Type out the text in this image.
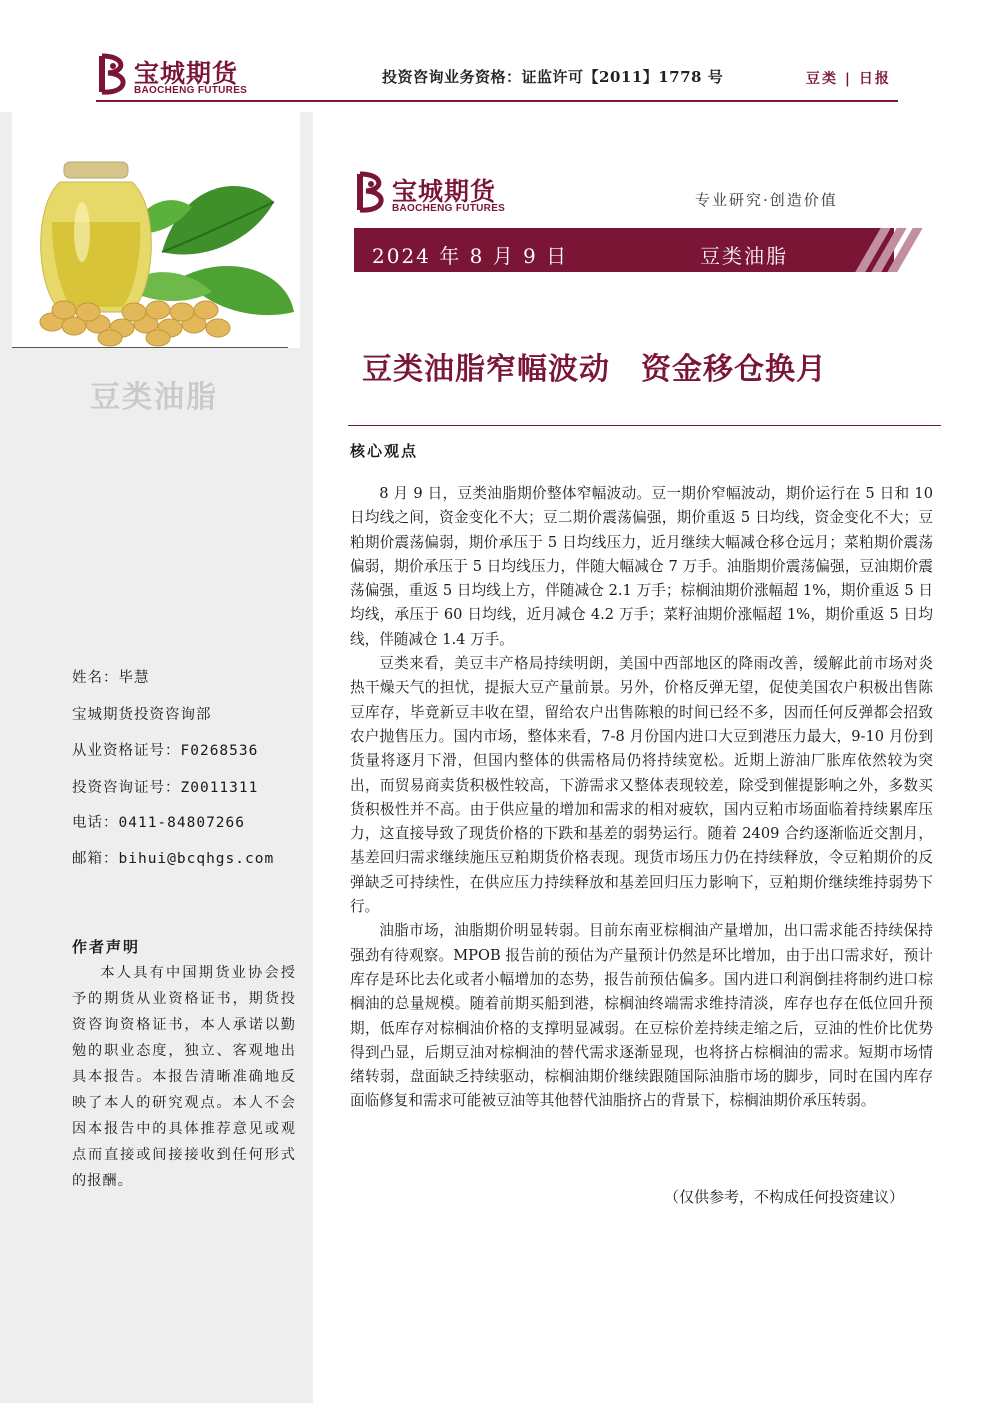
宝城期货
BAOCHENG FUTURES
投资咨询业务资格：证监许可【2011】1778 号	豆类 | 日报
豆类油脂
姓名：毕慧
宝城期货投资咨询部
从业资格证号：F0268536
投资咨询证号：Z0011311
电话：0411-84807266
邮箱：bihui@bcqhgs.com
作者声明
本人具有中国期货业协会授予的期货从业资格证书，期货投资咨询资格证书，本人承诺以勤勉的职业态度，独立、客观地出具本报告。本报告清晰准确地反映了本人的研究观点。本人不会因本报告中的具体推荐意见或观点而直接或间接接收到任何形式的报酬。
宝城期货
BAOCHENG FUTURES	专业研究·创造价值
2024 年 8 月 9 日	豆类油脂
豆类油脂窄幅波动　资金移仓换月
核心观点

8 月 9 日，豆类油脂期价整体窄幅波动。豆一期价窄幅波动，期价运行在 5 日和 10 日均线之间，资金变化不大；豆二期价震荡偏强，期价重返 5 日均线，资金变化不大；豆粕期价震荡偏弱，期价承压于 5 日均线压力，近月继续大幅减仓移仓远月；菜粕期价震荡偏弱，期价承压于 5 日均线压力，伴随大幅减仓 7 万手。油脂期价震荡偏强，豆油期价震荡偏强，重返 5 日均线上方，伴随减仓 2.1 万手；棕榈油期价涨幅超 1%，期价重返 5 日均线，承压于 60 日均线，近月减仓 4.2 万手；菜籽油期价涨幅超 1%，期价重返 5 日均线，伴随减仓 1.4 万手。

豆类来看，美豆丰产格局持续明朗，美国中西部地区的降雨改善，缓解此前市场对炎热干燥天气的担忧，提振大豆产量前景。另外，价格反弹无望，促使美国农户积极出售陈豆库存，毕竟新豆丰收在望，留给农户出售陈粮的时间已经不多，因而任何反弹都会招致农户抛售压力。国内市场，整体来看，7-8 月份国内进口大豆到港压力最大，9-10 月份到货量将逐月下滑，但国内整体的供需格局仍将持续宽松。近期上游油厂胀库依然较为突出，而贸易商卖货积极性较高，下游需求又整体表现较差，除受到催提影响之外，多数买货积极性并不高。由于供应量的增加和需求的相对疲软，国内豆粕市场面临着持续累库压力，这直接导致了现货价格的下跌和基差的弱势运行。随着 2409 合约逐渐临近交割月，基差回归需求继续施压豆粕期货价格表现。现货市场压力仍在持续释放，令豆粕期价的反弹缺乏可持续性，在供应压力持续释放和基差回归压力影响下，豆粕期价继续维持弱势下行。

油脂市场，油脂期价明显转弱。目前东南亚棕榈油产量增加，出口需求能否持续保持强劲有待观察。MPOB 报告前的预估为产量预计仍然是环比增加，由于出口需求好，预计库存是环比去化或者小幅增加的态势，报告前预估偏多。国内进口利润倒挂将制约进口棕榈油的总量规模。随着前期买船到港，棕榈油终端需求维持清淡，库存也存在低位回升预期，低库存对棕榈油价格的支撑明显减弱。在豆棕价差持续走缩之后，豆油的性价比优势得到凸显，后期豆油对棕榈油的替代需求逐渐显现，也将挤占棕榈油的需求。短期市场情绪转弱，盘面缺乏持续驱动，棕榈油期价继续跟随国际油脂市场的脚步，同时在国内库存面临修复和需求可能被豆油等其他替代油脂挤占的背景下，棕榈油期价承压转弱。

（仅供参考，不构成任何投资建议）
